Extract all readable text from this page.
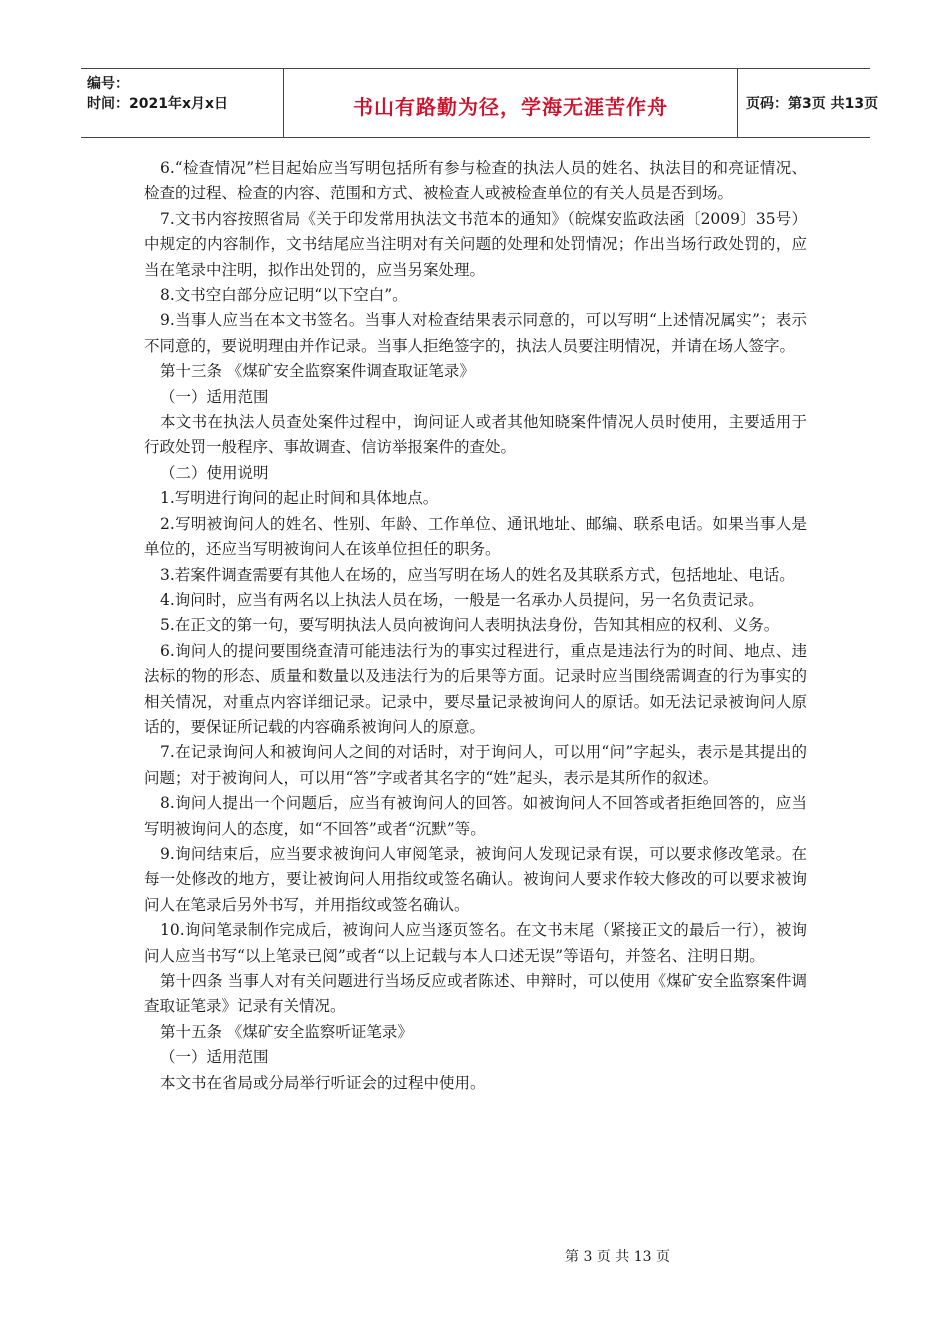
编号：
时间：2021年x月x日	书山有路勤为径，学海无涯苦作舟	页码：第3页 共13页

6.“检查情况”栏目起始应当写明包括所有参与检查的执法人员的姓名、执法目的和亮证情况、检查的过程、检查的内容、范围和方式、被检查人或被检查单位的有关人员是否到场。

7.文书内容按照省局《关于印发常用执法文书范本的通知》（皖煤安监政法函〔2009〕35号）中规定的内容制作，文书结尾应当注明对有关问题的处理和处罚情况；作出当场行政处罚的，应当在笔录中注明，拟作出处罚的，应当另案处理。

8.文书空白部分应记明“以下空白”。

9.当事人应当在本文书签名。当事人对检查结果表示同意的，可以写明“上述情况属实”；表示不同意的，要说明理由并作记录。当事人拒绝签字的，执法人员要注明情况，并请在场人签字。

第十三条 《煤矿安全监察案件调查取证笔录》

（一）适用范围

本文书在执法人员查处案件过程中，询问证人或者其他知晓案件情况人员时使用，主要适用于行政处罚一般程序、事故调查、信访举报案件的查处。

（二）使用说明

1.写明进行询问的起止时间和具体地点。

2.写明被询问人的姓名、性别、年龄、工作单位、通讯地址、邮编、联系电话。如果当事人是单位的，还应当写明被询问人在该单位担任的职务。

3.若案件调查需要有其他人在场的，应当写明在场人的姓名及其联系方式，包括地址、电话。

4.询问时，应当有两名以上执法人员在场，一般是一名承办人员提问，另一名负责记录。

5.在正文的第一句，要写明执法人员向被询问人表明执法身份，告知其相应的权利、义务。

6.询问人的提问要围绕查清可能违法行为的事实过程进行，重点是违法行为的时间、地点、违法标的物的形态、质量和数量以及违法行为的后果等方面。记录时应当围绕需调查的行为事实的相关情况，对重点内容详细记录。记录中，要尽量记录被询问人的原话。如无法记录被询问人原话的，要保证所记载的内容确系被询问人的原意。

7.在记录询问人和被询问人之间的对话时，对于询问人，可以用“问”字起头，表示是其提出的问题；对于被询问人，可以用“答”字或者其名字的“姓”起头，表示是其所作的叙述。

8.询问人提出一个问题后，应当有被询问人的回答。如被询问人不回答或者拒绝回答的，应当写明被询问人的态度，如“不回答”或者“沉默”等。

9.询问结束后，应当要求被询问人审阅笔录，被询问人发现记录有误，可以要求修改笔录。在每一处修改的地方，要让被询问人用指纹或签名确认。被询问人要求作较大修改的可以要求被询问人在笔录后另外书写，并用指纹或签名确认。

10.询问笔录制作完成后，被询问人应当逐页签名。在文书末尾（紧接正文的最后一行），被询问人应当书写“以上笔录已阅”或者“以上记载与本人口述无误”等语句，并签名、注明日期。

第十四条 当事人对有关问题进行当场反应或者陈述、申辩时，可以使用《煤矿安全监察案件调查取证笔录》记录有关情况。

第十五条 《煤矿安全监察听证笔录》

（一）适用范围

本文书在省局或分局举行听证会的过程中使用。

第 3 页 共 13 页
